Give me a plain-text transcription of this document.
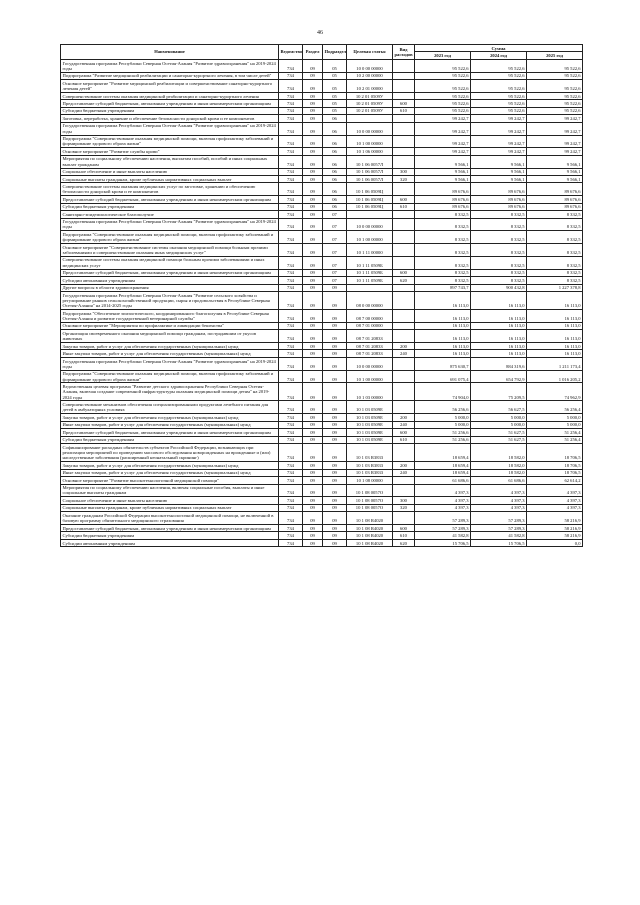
46
Наименование	Ведомство	Раздел	Подраздел	Целевая статья	Вид расходов	Сумма		
						2023 год	2024 год	2025 год
Государственная программа Республики Северная Осетия-Алания "Развитие здравоохранения" на 2019-2024 годы	734	09	05	10 0 00 00000		95 522,6	95 522,6	95 522,6
Подпрограмма "Развитие медицинской реабилитации и санаторно-курортного лечения, в том числе детей"	734	09	05	10 2 00 00000		95 522,6	95 522,6	95 522,6
Основное мероприятие "Развитие медицинской реабилитации и совершенствование санаторно-курортного лечения детей"	734	09	05	10 2 01 00000		95 522,6	95 522,6	95 522,6
Совершенствование системы оказания медицинской реабилитации и санаторно-курортного лечения	734	09	05	10 2 01 0509У		95 522,6	95 522,6	95 522,6
Предоставление субсидий бюджетным, автономным учреждениям и иным некоммерческим организациям	734	09	05	10 2 01 0509У	600	95 522,6	95 522,6	95 522,6
Субсидии бюджетным учреждениям	734	09	05	10 2 01 0509У	610	95 522,6	95 522,6	95 522,6
Заготовка, переработка, хранение и обеспечение безопасности донорской крови и ее компонентов	734	09	06			99 242,7	99 242,7	99 242,7
Государственная программа Республики Северная Осетия-Алания "Развитие здравоохранения" на 2019-2024 годы	734	09	06	10 0 00 00000		99 242,7	99 242,7	99 242,7
Подпрограмма "Совершенствование оказания медицинской помощи, включая профилактику заболеваний и формирование здорового образа жизни"	734	09	06	10 1 00 00000		99 242,7	99 242,7	99 242,7
Основное мероприятие "Развитие службы крови"	734	09	06	10 1 06 00000		99 242,7	99 242,7	99 242,7
Мероприятия по социальному обеспечению населения, выплатам пособий, пособий и иных социальных выплат гражданам	734	09	06	10 1 06 0057Л		9 566,1	9 566,1	9 566,1
Социальное обеспечение и иные выплаты населению	734	09	06	10 1 06 0057Л	300	9 566,1	9 566,1	9 566,1
Социальные выплаты гражданам, кроме публичных нормативных социальных выплат	734	09	06	10 1 06 0057Л	320	9 566,1	9 566,1	9 566,1
Совершенствование системы оказания медицинских услуг по заготовке, хранению и обеспечению безопасности донорской крови и ее компонентов	734	09	06	10 1 06 0509Ц		89 676,6	89 676,6	89 676,6
Предоставление субсидий бюджетным, автономным учреждениям и иным некоммерческим организациям	734	09	06	10 1 06 0509Ц	600	89 676,6	89 676,6	89 676,6
Субсидии бюджетным учреждениям	734	09	06	10 1 06 0509Ц	610	89 676,6	89 676,6	89 676,6
Санитарно-эпидемиологическое благополучие	734	09	07			8 332,5	8 332,5	8 332,5
Государственная программа Республики Северная Осетия-Алания "Развитие здравоохранения" на 2019-2024 годы	734	09	07	10 0 00 00000		8 332,5	8 332,5	8 332,5
Подпрограмма "Совершенствование оказания медицинской помощи, включая профилактику заболеваний и формирование здорового образа жизни"	734	09	07	10 1 00 00000		8 332,5	8 332,5	8 332,5
Основное мероприятие "Совершенствование системы оказания медицинской помощи больным прочими заболеваниями и совершенствование оказания иных медицинских услуг"	734	09	07	10 1 11 00000		8 332,5	8 332,5	8 332,5
Совершенствование системы оказания медицинской помощи больным прочими заболеваниями и иных медицинских услуг	734	09	07	10 1 11 0509Б		8 332,5	8 332,5	8 332,5
Предоставление субсидий бюджетным, автономным учреждениям и иным некоммерческим организациям	734	09	07	10 1 11 0509Б	600	8 332,5	8 332,5	8 332,5
Субсидии автономным учреждениям	734	09	07	10 1 11 0509Б	620	8 332,5	8 332,5	8 332,5
Другие вопросы в области здравоохранения	734	09	09			897 743,7	900 432,8	1 227 378,8
Государственная программа Республики Северная Осетия-Алания "Развитие сельского хозяйства и регулирование рынков сельскохозяйственной продукции, сырья и продовольствия в Республике Северная Осетия-Алания" на 2014-2025 годы	734	09	09	08 0 00 00000		16 113,0	16 113,0	16 113,0
Подпрограмма "Обеспечение эпизоотического, координированного благополучия в Республике Северная Осетия-Алания и развитие государственной ветеринарной службы"	734	09	09	08 7 00 00000		16 113,0	16 113,0	16 113,0
Основное мероприятие "Мероприятия по профилактике и ликвидации бешенства"	734	09	09	08 7 01 00000		16 113,0	16 113,0	16 113,0
Организация своевременного оказания медицинской помощи гражданам, пострадавшим от укусов животных	734	09	09	08 7 01 2083З		16 113,0	16 113,0	16 113,0
Закупка товаров, работ и услуг для обеспечения государственных (муниципальных) нужд	734	09	09	08 7 01 2083З	200	16 113,0	16 113,0	16 113,0
Иные закупки товаров, работ и услуг для обеспечения государственных (муниципальных) нужд	734	09	09	08 7 01 2083З	240	16 113,0	16 113,0	16 113,0
Государственная программа Республики Северная Осетия-Алания "Развитие здравоохранения" на 2019-2024 годы	734	09	09	10 0 00 00000		875 630,7	884 319,6	1 211 173,4
Подпрограмма "Совершенствование оказания медицинской помощи, включая профилактику заболеваний и формирование здорового образа жизни"	734	09	09	10 1 00 00000		691 075,4	654 792,9	1 016 205,2
Ведомственная целевая программа "Развитие детского здравоохранения Республики Северная Осетия-Алания, включая создание современной инфраструктуры оказания медицинской помощи детям" на 2019-2024 годы	734	09	09	10 1 03 00000		74 904,0	75 209,5	74 962,9
Совершенствование механизмов обеспечения специализированными продуктами лечебного питания для детей в амбулаторных условиях	734	09	09	10 1 03 0509Е		56 256,6	56 627,5	56 256,4
Закупка товаров, работ и услуг для обеспечения государственных (муниципальных) нужд	734	09	09	10 1 03 0509Е	200	5 000,0	5 000,0	5 000,0
Иные закупки товаров, работ и услуг для обеспечения государственных (муниципальных) нужд	734	09	09	10 1 03 0509Е	240	5 000,0	5 000,0	5 000,0
Предоставление субсидий бюджетным, автономным учреждениям и иным некоммерческим организациям	734	09	09	10 1 03 0509Е	600	51 256,6	51 627,5	51 256,4
Субсидии бюджетным учреждениям	734	09	09	10 1 03 0509Е	610	51 256,6	51 627,5	51 256,4
Софинансирование расходных обязательств субъектов Российской Федерации, возникающих при реализации мероприятий по проведению массового обследования новорожденных на врожденные и (или) наследственные заболевания (расширенный неонатальный скрининг)	734	09	09	10 1 03 R3833		18 659,4	18 582,0	18 706,5
Закупка товаров, работ и услуг для обеспечения государственных (муниципальных) нужд	734	09	09	10 1 03 R3833	200	18 659,4	18 582,0	18 706,5
Иные закупки товаров, работ и услуг для обеспечения государственных (муниципальных) нужд	734	09	09	10 1 03 R3833	240	18 659,4	18 582,0	18 706,5
Основное мероприятие "Развитие высокотехнологичной медицинской помощи"	734	09	09	10 1 08 00000		61 686,6	61 686,6	62 614,2
Мероприятия по социальному обеспечению населения, включая социальные пособия, выплаты и иные социальные выплаты гражданам	734	09	09	10 1 08 0057О		4 397,3	4 397,3	4 397,3
Социальное обеспечение и иные выплаты населению	734	09	09	10 1 08 0057О	300	4 397,3	4 397,3	4 397,3
Социальные выплаты гражданам, кроме публичных нормативных социальных выплат	734	09	09	10 1 08 0057О	320	4 397,3	4 397,3	4 397,3
Оказание гражданам Российской Федерации высокотехнологичной медицинской помощи, не включенной в базовую программу обязательного медицинского страхования	734	09	09	10 1 08 R4020		57 289,3	57 289,3	58 216,9
Предоставление субсидий бюджетным, автономным учреждениям и иным некоммерческим организациям	734	09	09	10 1 08 R4020	600	57 289,3	57 289,3	58 216,9
Субсидии бюджетным учреждениям	734	09	09	10 1 08 R4020	610	41 582,8	41 582,8	58 216,9
Субсидии автономным учреждениям	734	09	09	10 1 08 R4020	620	15 706,5	15 706,5	0,0
